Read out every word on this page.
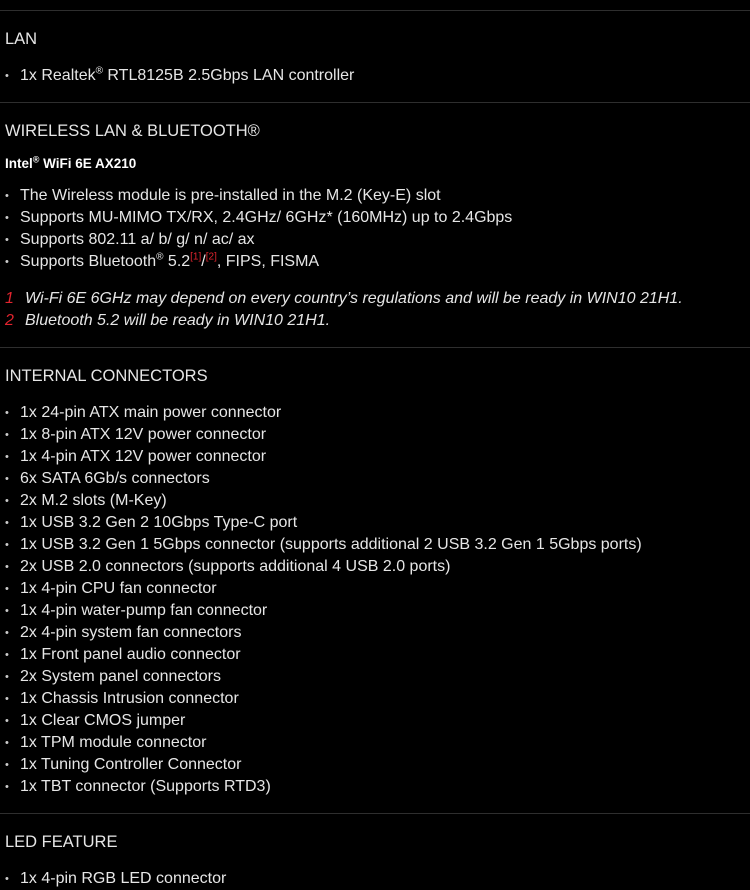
LAN
• 1x Realtek® RTL8125B 2.5Gbps LAN controller
WIRELESS LAN & BLUETOOTH®
Intel® WiFi 6E AX210
• The Wireless module is pre-installed in the M.2 (Key-E) slot
• Supports MU-MIMO TX/RX, 2.4GHz/ 6GHz* (160MHz) up to 2.4Gbps
• Supports 802.11 a/ b/ g/ n/ ac/ ax
• Supports Bluetooth® 5.2[1]/[2], FIPS, FISMA
1 Wi-Fi 6E 6GHz may depend on every country’s regulations and will be ready in WIN10 21H1.
2 Bluetooth 5.2 will be ready in WIN10 21H1.
INTERNAL CONNECTORS
• 1x 24-pin ATX main power connector
• 1x 8-pin ATX 12V power connector
• 1x 4-pin ATX 12V power connector
• 6x SATA 6Gb/s connectors
• 2x M.2 slots (M-Key)
• 1x USB 3.2 Gen 2 10Gbps Type-C port
• 1x USB 3.2 Gen 1 5Gbps connector (supports additional 2 USB 3.2 Gen 1 5Gbps ports)
• 2x USB 2.0 connectors (supports additional 4 USB 2.0 ports)
• 1x 4-pin CPU fan connector
• 1x 4-pin water-pump fan connector
• 2x 4-pin system fan connectors
• 1x Front panel audio connector
• 2x System panel connectors
• 1x Chassis Intrusion connector
• 1x Clear CMOS jumper
• 1x TPM module connector
• 1x Tuning Controller Connector
• 1x TBT connector (Supports RTD3)
LED FEATURE
• 1x 4-pin RGB LED connector
